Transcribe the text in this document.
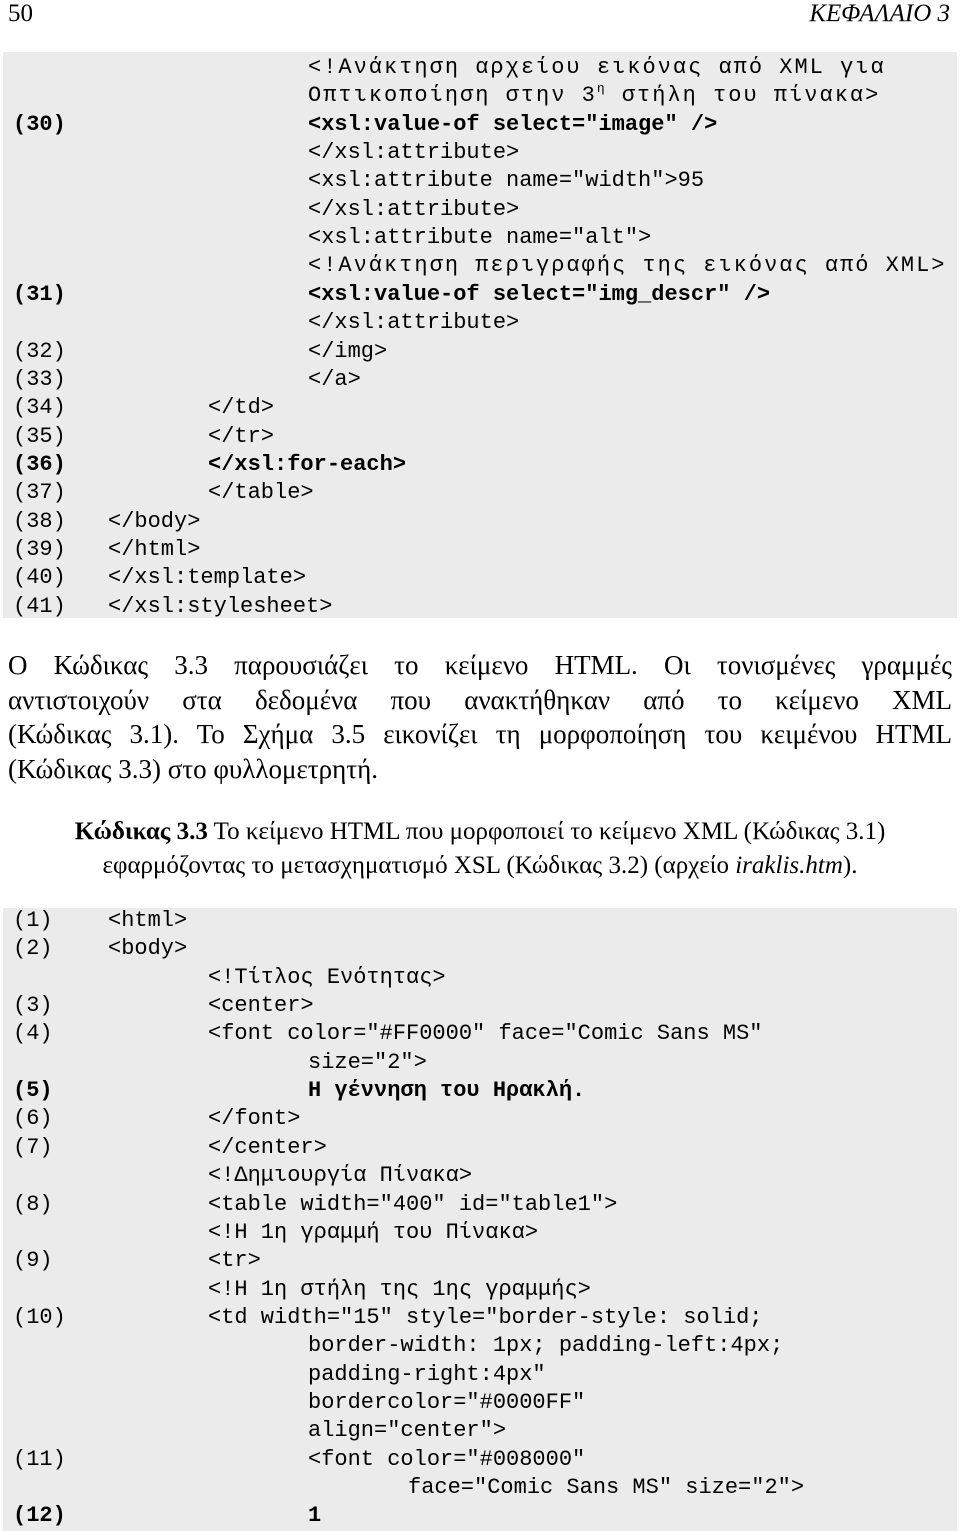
50	ΚΕΦΑΛΑΙΟ 3
<!Ανάκτηση αρχείου εικόνας από XML για
Οπτικοποίηση στην $3^\eta$ στήλη του πίνακα>
(30)	<xsl:value-of select="image" />
</xsl:attribute>
<xsl:attribute name="width">95
</xsl:attribute>
<xsl:attribute name="alt">
<!Ανάκτηση περιγραφής της εικόνας από XML>
(31)	<xsl:value-of select="img_descr" />
</xsl:attribute>
(32)	</img>
(33)	</a>
(34)	</td>
(35)	</tr>
(36)	</xsl:for-each>
(37)	</table>
(38) </body>
(39) </html>
(40) </xsl:template>
(41) </xsl:stylesheet>
Ο Κώδικας 3.3 παρουσιάζει το κείμενο HTML. Οι τονισμένες γραμμές
αντιστοιχούν στα δεδομένα που ανακτήθηκαν από το κείμενο XML
(Κώδικας 3.1). Το Σχήμα 3.5 εικονίζει τη μορφοποίηση του κειμένου HTML
(Κώδικας 3.3) στο φυλλομετρητή.
Κώδικας 3.3 Το κείμενο HTML που μορφοποιεί το κείμενο XML (Κώδικας 3.1)
εφαρμόζοντας το μετασχηματισμό XSL (Κώδικας 3.2) (αρχείο iraklis.htm).
(1)	<html>
(2)	<body>
<!Τίτλος Ενότητας>
(3)	<center>
(4)	<font color="#FF0000" face="Comic Sans MS"
size="2">
(5)	Η γέννηση του Ηρακλή.
(6)	</font>
(7)	</center>
<!Δημιουργία Πίνακα>
(8)	<table width="400" id="table1">
<!Η 1η γραμμή του Πίνακα>
(9)	<tr>
<!Η 1η στήλη της 1ης γραμμής>
(10)	<td width="15" style="border-style: solid;
border-width: 1px; padding-left:4px;
padding-right:4px"
bordercolor="#0000FF"
align="center">
(11)	<font color="#008000"
face="Comic Sans MS" size="2">
(12)	1
